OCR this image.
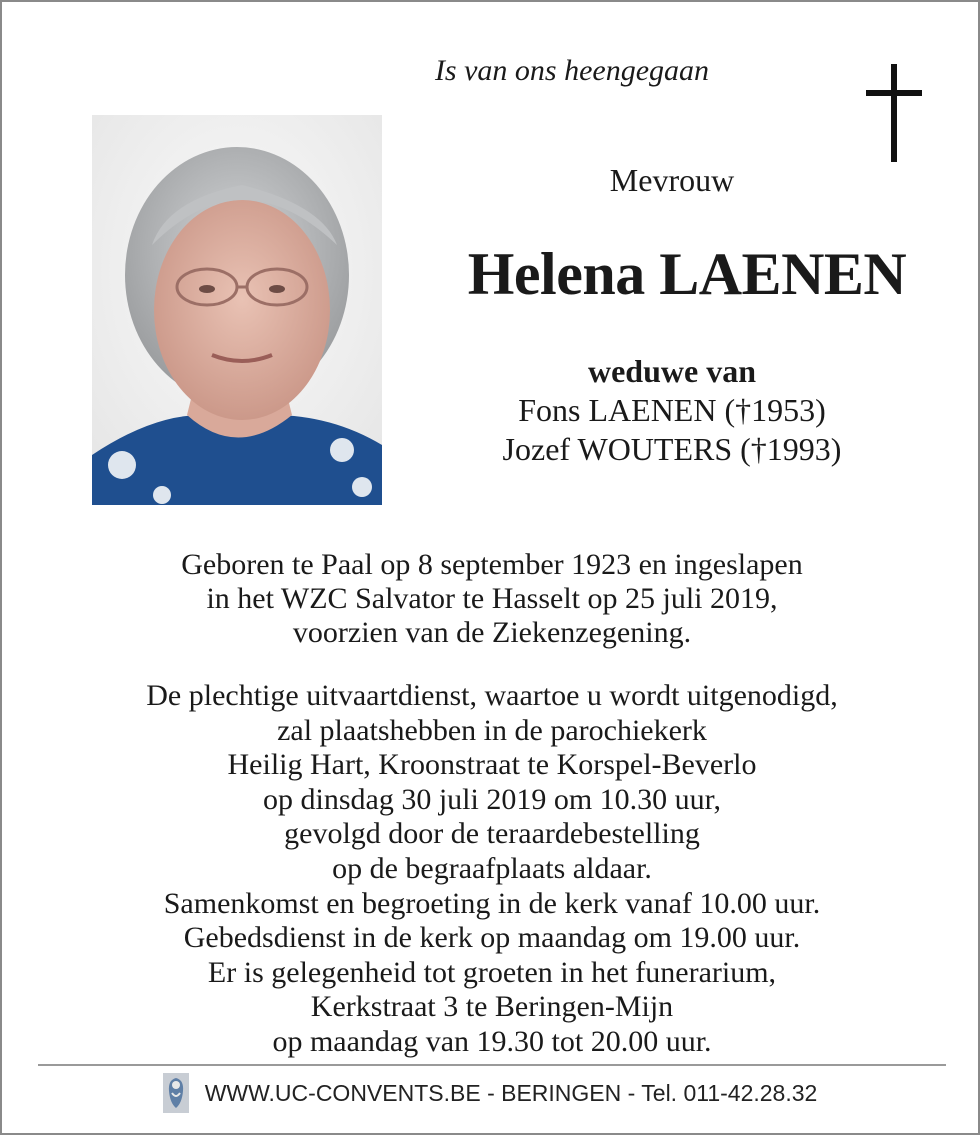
Is van ons heengegaan
Mevrouw
Helena LAENEN
weduwe van
Fons LAENEN (†1953)
Jozef WOUTERS (†1993)
Geboren te Paal op 8 september 1923 en ingeslapen
in het WZC Salvator te Hasselt op 25 juli 2019,
voorzien van de Ziekenzegening.
De plechtige uitvaartdienst, waartoe u wordt uitgenodigd,
zal plaatshebben in de parochiekerk
Heilig Hart, Kroonstraat te Korspel-Beverlo
op dinsdag 30 juli 2019 om 10.30 uur,
gevolgd door de teraardebestelling
op de begraafplaats aldaar.
Samenkomst en begroeting in de kerk vanaf 10.00 uur.
Gebedsdienst in de kerk op maandag om 19.00 uur.
Er is gelegenheid tot groeten in het funerarium,
Kerkstraat 3 te Beringen-Mijn
op maandag van 19.30 tot 20.00 uur.
WWW.UC-CONVENTS.BE - BERINGEN - Tel. 011-42.28.32
